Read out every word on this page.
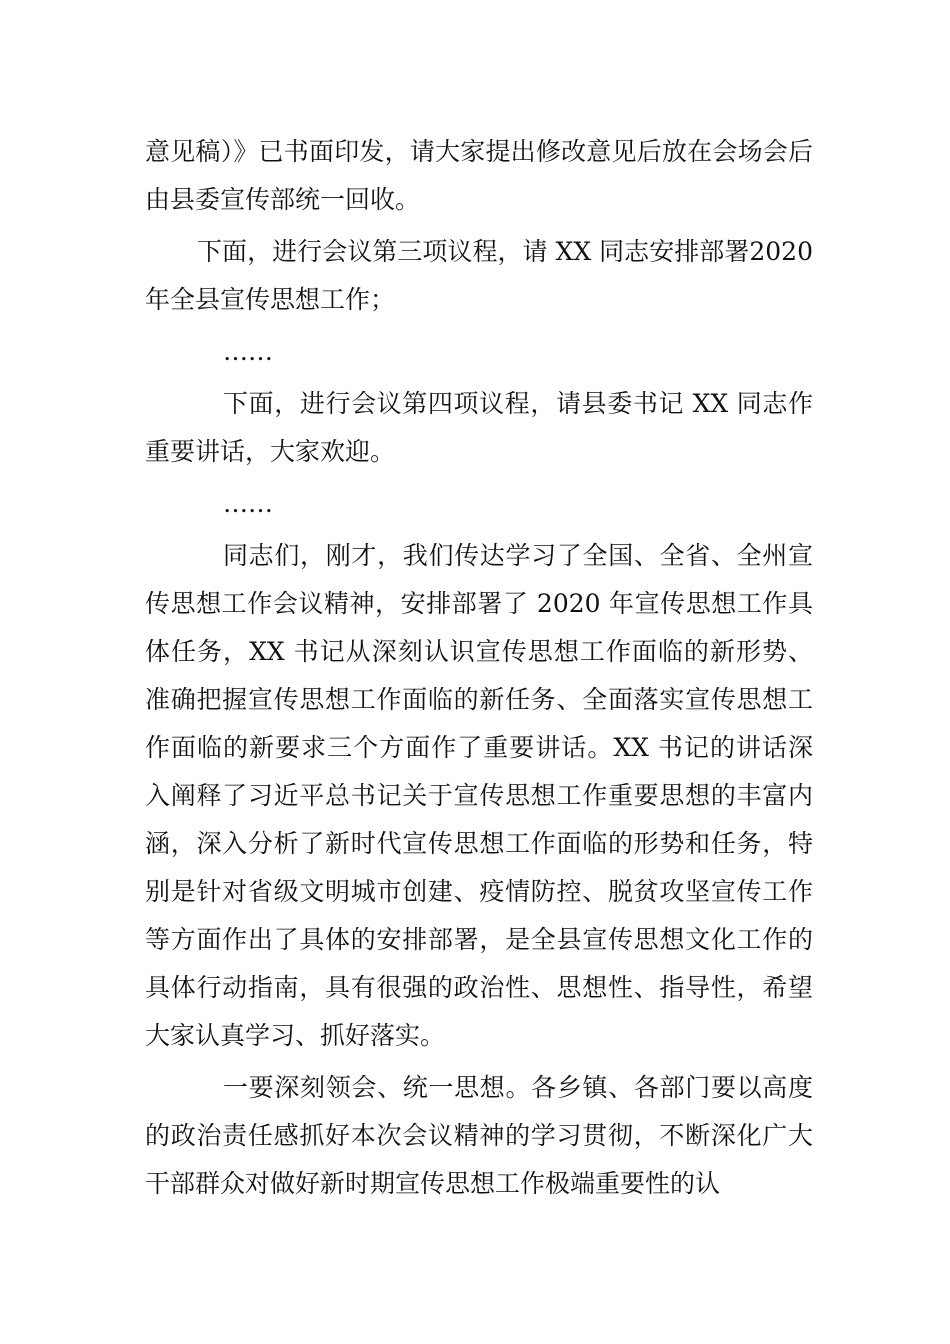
意见稿）》已书面印发，请大家提出修改意见后放在会场会后由县委宣传部统一回收。

下面，进行会议第三项议程，请 XX 同志安排部署2020 年全县宣传思想工作；

……

下面，进行会议第四项议程，请县委书记 XX 同志作重要讲话，大家欢迎。

……

同志们，刚才，我们传达学习了全国、全省、全州宣传思想工作会议精神，安排部署了 2020 年宣传思想工作具体任务，XX 书记从深刻认识宣传思想工作面临的新形势、准确把握宣传思想工作面临的新任务、全面落实宣传思想工作面临的新要求三个方面作了重要讲话。XX 书记的讲话深入阐释了习近平总书记关于宣传思想工作重要思想的丰富内涵，深入分析了新时代宣传思想工作面临的形势和任务，特别是针对省级文明城市创建、疫情防控、脱贫攻坚宣传工作等方面作出了具体的安排部署，是全县宣传思想文化工作的具体行动指南，具有很强的政治性、思想性、指导性，希望大家认真学习、抓好落实。

一要深刻领会、统一思想。各乡镇、各部门要以高度的政治责任感抓好本次会议精神的学习贯彻，不断深化广大干部群众对做好新时期宣传思想工作极端重要性的认
